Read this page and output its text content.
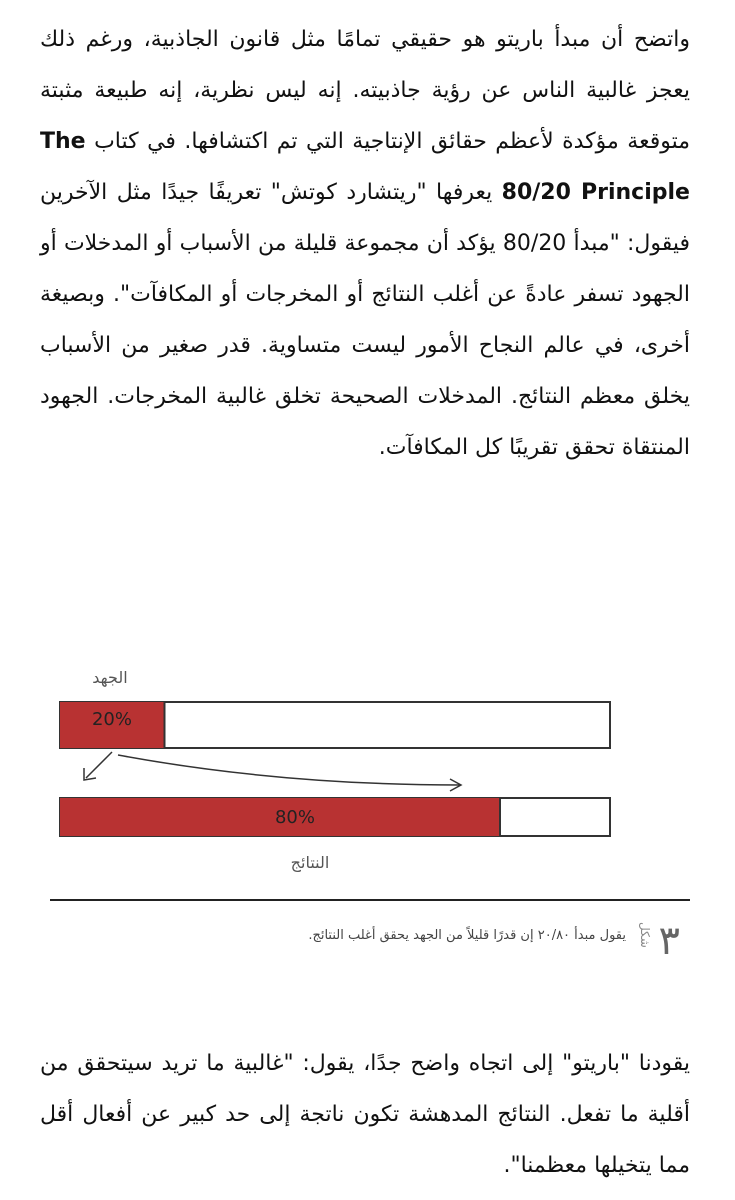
واتضح أن مبدأ باريتو هو حقيقي تمامًا مثل قانون الجاذبية، ورغم ذلك يعجز غالبية الناس عن رؤية جاذبيته. إنه ليس نظرية، إنه طبيعة مثبتة متوقعة مؤكدة لأعظم حقائق الإنتاجية التي تم اكتشافها. في كتاب The 80/20 Principle يعرفها "ريتشارد كوتش" تعريفًا جيدًا مثل الآخرين فيقول: "مبدأ 80/20 يؤكد أن مجموعة قليلة من الأسباب أو المدخلات أو الجهود تسفر عادةً عن أغلب النتائج أو المخرجات أو المكافآت". وبصيغة أخرى، في عالم النجاح الأمور ليست متساوية. قدر صغير من الأسباب يخلق معظم النتائج. المدخلات الصحيحة تخلق غالبية المخرجات. الجهود المنتقاة تحقق تقريبًا كل المكافآت.

الجهد
20%
80%
النتائج
٣
شكل
يقول مبدأ ٢٠/٨٠ إن قدرًا قليلاً من الجهد يحقق أغلب النتائج.

يقودنا "باريتو" إلى اتجاه واضح جدًا، يقول: "غالبية ما تريد سيتحقق من أقلية ما تفعل. النتائج المدهشة تكون ناتجة إلى حد كبير عن أفعال أقل مما يتخيلها معظمنا".
